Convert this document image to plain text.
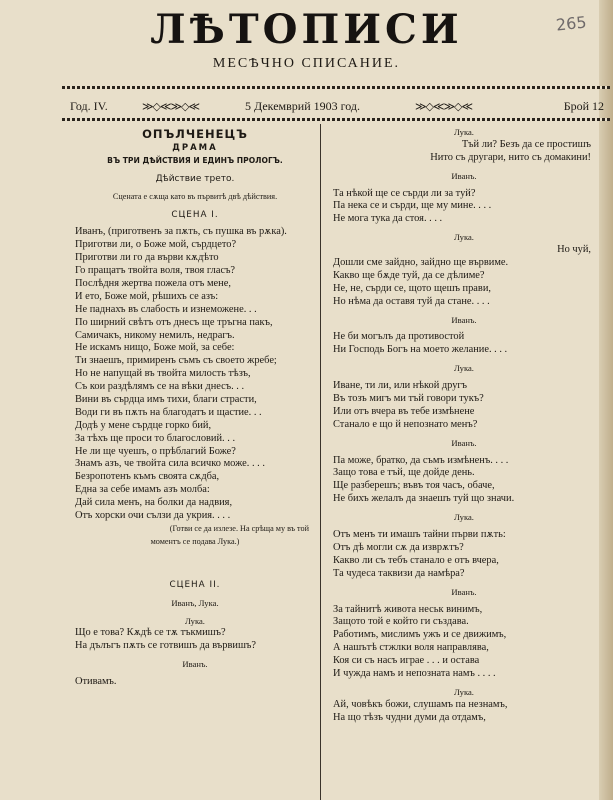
265
ЛѢТОПИСИ
МЕСѢЧНО СПИСАНИЕ.
Год. IV.	≫◇≪≫◇≪	5 Декемврий 1903 год.	≫◇≪≫◇≪	Брой 12
ОПЪЛЧЕНЕЦЪ
ДРАМА
ВЪ ТРИ ДѢЙСТВИЯ И ЕДИНЪ ПРОЛОГЪ.
Дѣйствие трето.
Сцената е сѫща като въ първитѣ двѣ дѣйствия.
СЦЕНА I.
Иванъ, (приготвенъ за пѫть, съ пушка въ рѫка).
Приготви ли, о Боже мой, сърдцето?
Приготви ли го да върви кѫдѣто
Го пращатъ твойта воля, твоя гласъ?
Послѣдня жертва пожела отъ мене,
И ето, Боже мой, рѣшихъ се азъ:
Не паднахъ въ слабость и изнеможене. . .
По ширний свѣтъ отъ днесъ ще тръгна пакъ,
Самичакъ, никому немилъ, недрагъ.
Не искамъ нищо, Боже мой, за себе:
Ти знаешъ, примиренъ съмъ съ своето жребе;
Но не напущай въ твойта милость тѣзъ,
Съ кои раздѣлямъ се на вѣки днесъ. . .
Вини въ сърдца имъ тихи, благи страсти,
Води ги въ пѫть на благодатъ и щастие. . .
Додѣ у мене сърдце горко бий,
За тѣхъ ще проси то благословий. . .
Не ли ще чуешъ, о прѣблагий Боже?
Знамъ азъ, че твойта сила всичко може. . . .
Безропотенъ къмъ своята сѫдба,
Една за себе имамъ азъ молба:
Дай сила менъ, на болки да надвия,
Отъ хорски очи сълзи да укрия. . . .
(Готви се да излезе. На срѣща му въ той
моментъ се подава Лука.)
СЦЕНА II.
Иванъ, Лука.
Лука.
Що е това? Кѫдѣ се тѫ тъкмишъ?
На дълъгъ пѫть се готвишъ да вървишъ?
Иванъ.
Отивамъ.
Лука.
Тъй ли? Безъ да се простишъ
Нито съ другари, нито съ домакини!
Иванъ.
Та нѣкой ще се сърди ли за туй?
Па нека се и сърди, ще му мине. . . .
Не мога тука да стоя. . . .
Лука.
Но чуй,
Дошли сме зайдно, зайдно ще вървиме.
Какво ще бѫде туй, да се дѣлиме?
Не, не, сърди се, щото щешъ прави,
Но нѣма да оставя туй да стане. . . .
Иванъ.
Не би могълъ да противостой
Ни Господь Богъ на моето желание. . . .
Лука.
Иване, ти ли, или нѣкой другъ
Въ тозъ мигъ ми тъй говори тукъ?
Или отъ вчера въ тебе измѣнене
Станало е що й непознато менъ?
Иванъ.
Па може, братко, да съмъ измѣненъ. . . .
Защо това е тъй, ще дойде день.
Ще разберешъ; въвъ тоя часъ, обаче,
Не бихъ желалъ да знаешъ туй що значи.
Лука.
Отъ менъ ти имашъ тайни първи пѫть:
Отъ дѣ могли сѫ да изврѫтъ?
Какво ли съ тебъ станало е отъ вчера,
Та чудеса таквизи да намѣра?
Иванъ.
За тайнитѣ живота неськ винимъ,
Защото той е който ги създава.
Работимъ, мислимъ ужъ и се движимъ,
А нашътѣ стжлки воля направлява,
Коя си съ насъ играе . . . и остава
И чужда намъ и непозната намъ . . . .
Лука.
Ай, човѣкъ божи, слушамъ па незнамъ,
На що тѣзъ чудни думи да отдамъ,
